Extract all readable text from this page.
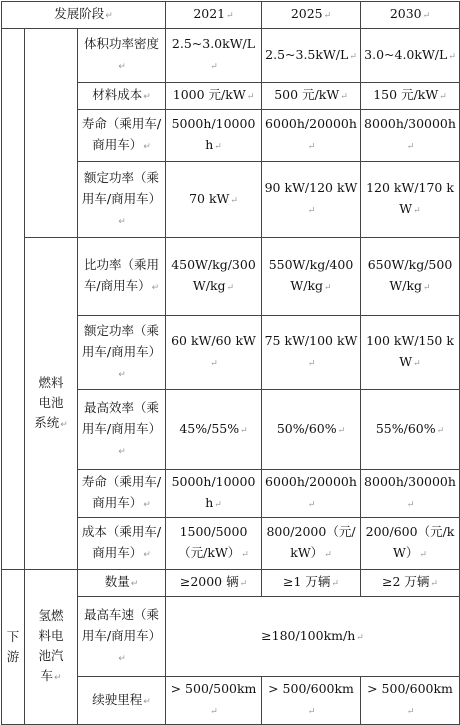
发展阶段↵			2021↵	2025↵	2030↵
		体积功率密度↵	2.5~3.0kW/L↵	2.5~3.5kW/L↵	3.0~4.0kW/L↵
		材料成本↵	1000 元/kW↵	500 元/kW↵	150 元/kW↵
		寿命（乘用车/商用车）↵	5000h/10000h↵	6000h/20000h↵	8000h/30000h↵
		额定功率（乘用车/商用车）↵	70 kW↵	90 kW/120 kW↵	120 kW/170 kW↵

	燃料
电池
系统↵	比功率（乘用车/商用车）↵	450W/kg/300W/kg↵	550W/kg/400W/kg↵	650W/kg/500W/kg↵
		额定功率（乘用车/商用车）↵	60 kW/60 kW↵	75 kW/100 kW↵	100 kW/150 kW↵
		最高效率（乘用车/商用车）↵	45%/55%↵	50%/60%↵	55%/60%↵
		寿命（乘用车/商用车）↵	5000h/10000h↵	6000h/20000h↵	8000h/30000h↵
		成本（乘用车/商用车）↵	1500/5000（元/kW）↵	800/2000（元/kW）↵	200/600（元/kW）↵

下
游	氢燃
料电
池汽
车↵	数量↵	≥2000 辆↵	≥1 万辆↵	≥2 万辆↵
		最高车速（乘用车/商用车）↵	≥180/100km/h↵		
		续驶里程↵	> 500/500km↵	> 500/600km↵	> 500/600km↵
